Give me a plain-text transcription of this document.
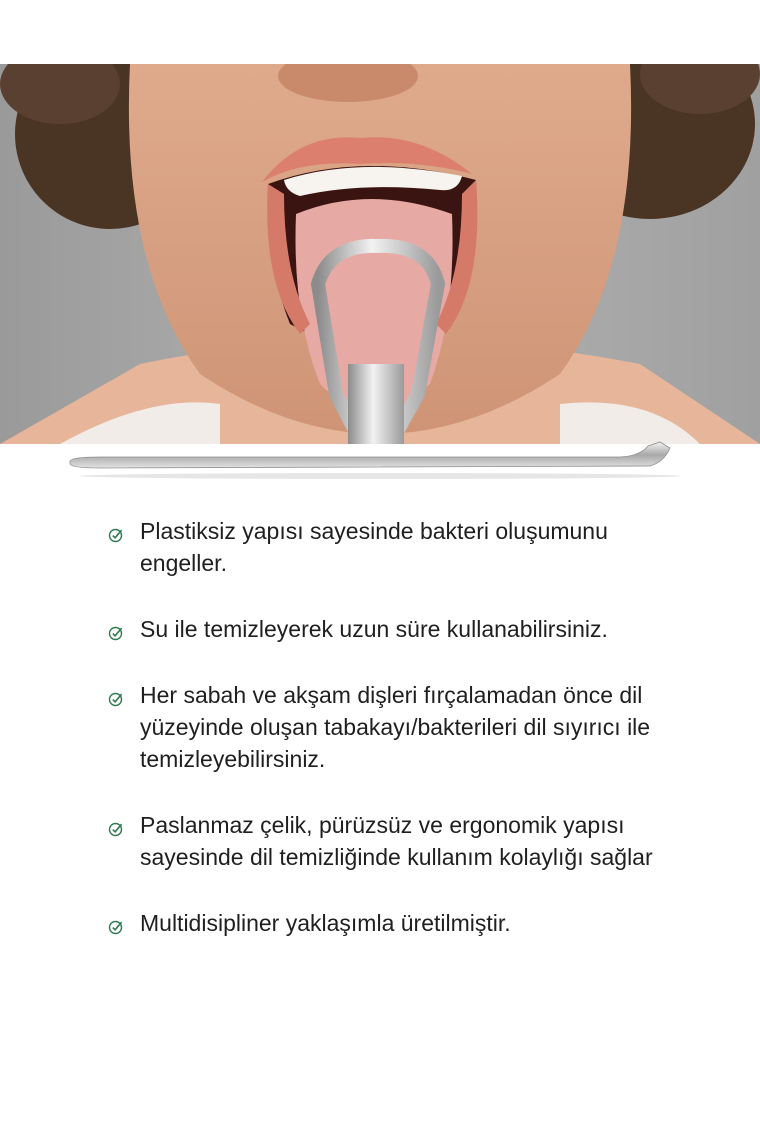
Plastiksiz yapısı sayesinde bakteri oluşumunu engeller.
Su ile temizleyerek uzun süre kullanabilirsiniz.
Her sabah ve akşam dişleri fırçalamadan önce dil yüzeyinde oluşan tabakayı/bakterileri dil sıyırıcı ile temizleyebilirsiniz.
Paslanmaz çelik, pürüzsüz ve ergonomik yapısı sayesinde dil temizliğinde kullanım kolaylığı sağlar
Multidisipliner yaklaşımla üretilmiştir.
